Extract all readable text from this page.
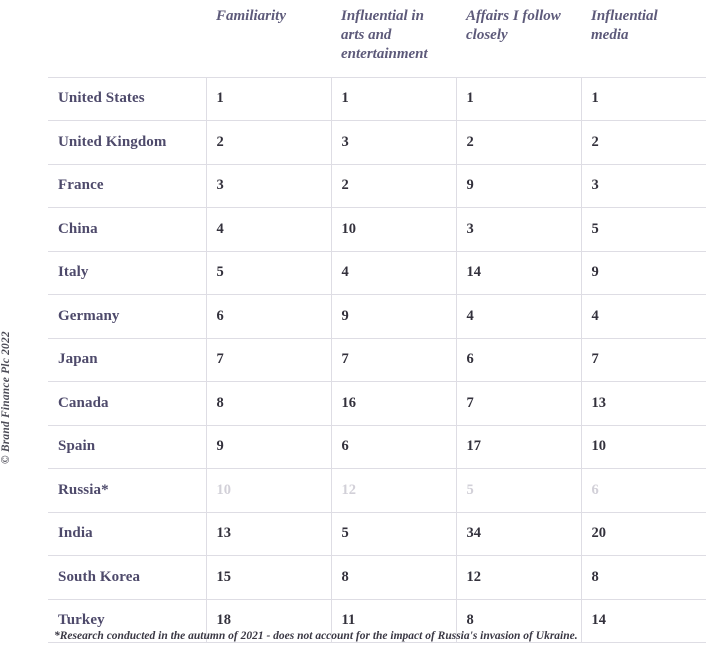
© Brand Finance Plc 2022
	Familiarity	Influential in arts and entertainment	Affairs I follow closely	Influential media
United States	1	1	1	1
United Kingdom	2	3	2	2
France	3	2	9	3
China	4	10	3	5
Italy	5	4	14	9
Germany	6	9	4	4
Japan	7	7	6	7
Canada	8	16	7	13
Spain	9	6	17	10
Russia*	10	12	5	6
India	13	5	34	20
South Korea	15	8	12	8
Turkey	18	11	8	14
*Research conducted in the autumn of 2021 - does not account for the impact of Russia's invasion of Ukraine.
